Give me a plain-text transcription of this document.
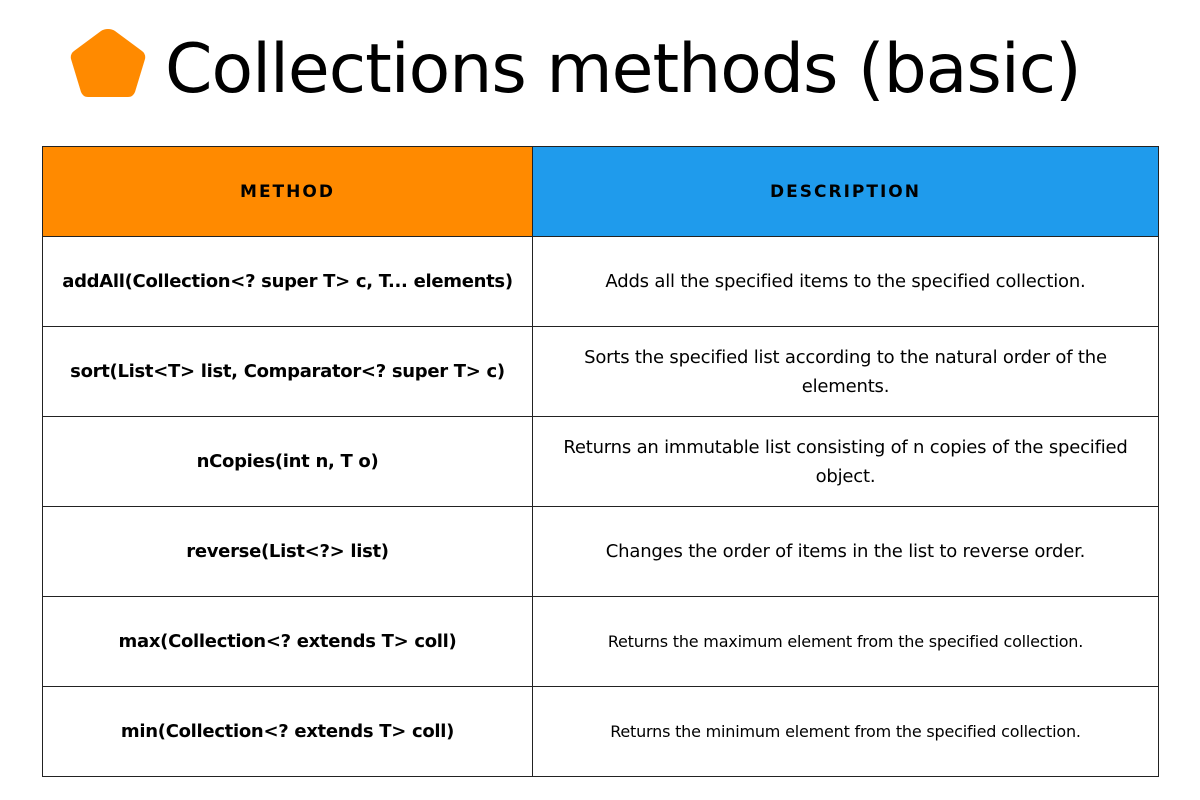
Collections methods (basic)
METHOD	DESCRIPTION
addAll(Collection<? super T> c, T... elements)	Adds all the specified items to the specified collection.
sort(List<T> list, Comparator<? super T> c)	Sorts the specified list according to the natural order of the elements.
nCopies(int n, T o)	Returns an immutable list consisting of n copies of the specified object.
reverse(List<?> list)	Changes the order of items in the list to reverse order.
max(Collection<? extends T> coll)	Returns the maximum element from the specified collection.
min(Collection<? extends T> coll)	Returns the minimum element from the specified collection.
